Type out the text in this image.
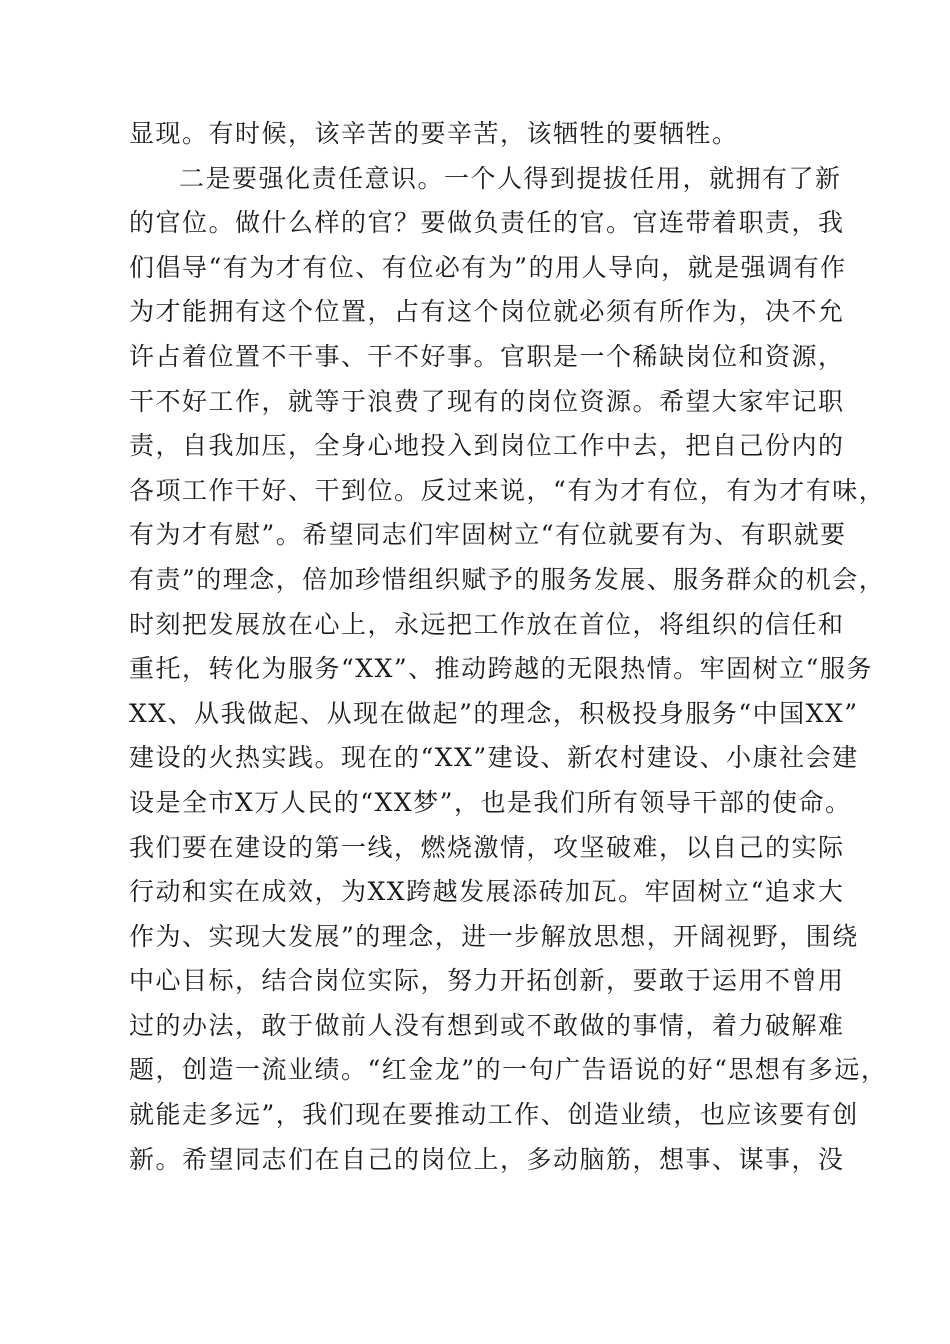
显现。有时候，该辛苦的要辛苦，该牺牲的要牺牲。
二是要强化责任意识。一个人得到提拔任用，就拥有了新
的官位。做什么样的官？要做负责任的官。官连带着职责，我
们倡导“有为才有位、有位必有为”的用人导向，就是强调有作
为才能拥有这个位置，占有这个岗位就必须有所作为，决不允
许占着位置不干事、干不好事。官职是一个稀缺岗位和资源，
干不好工作，就等于浪费了现有的岗位资源。希望大家牢记职
责，自我加压，全身心地投入到岗位工作中去，把自己份内的
各项工作干好、干到位。反过来说，“有为才有位，有为才有味，
有为才有慰”。希望同志们牢固树立“有位就要有为、有职就要
有责”的理念，倍加珍惜组织赋予的服务发展、服务群众的机会，
时刻把发展放在心上，永远把工作放在首位，将组织的信任和
重托，转化为服务“XX”、推动跨越的无限热情。牢固树立“服务
XX、从我做起、从现在做起”的理念，积极投身服务“中国XX”
建设的火热实践。现在的“XX”建设、新农村建设、小康社会建
设是全市X万人民的“XX梦”，也是我们所有领导干部的使命。
我们要在建设的第一线，燃烧激情，攻坚破难，以自己的实际
行动和实在成效，为XX跨越发展添砖加瓦。牢固树立“追求大
作为、实现大发展”的理念，进一步解放思想，开阔视野，围绕
中心目标，结合岗位实际，努力开拓创新，要敢于运用不曾用
过的办法，敢于做前人没有想到或不敢做的事情，着力破解难
题，创造一流业绩。“红金龙”的一句广告语说的好“思想有多远，
就能走多远”，我们现在要推动工作、创造业绩，也应该要有创
新。希望同志们在自己的岗位上，多动脑筋，想事、谋事，没
